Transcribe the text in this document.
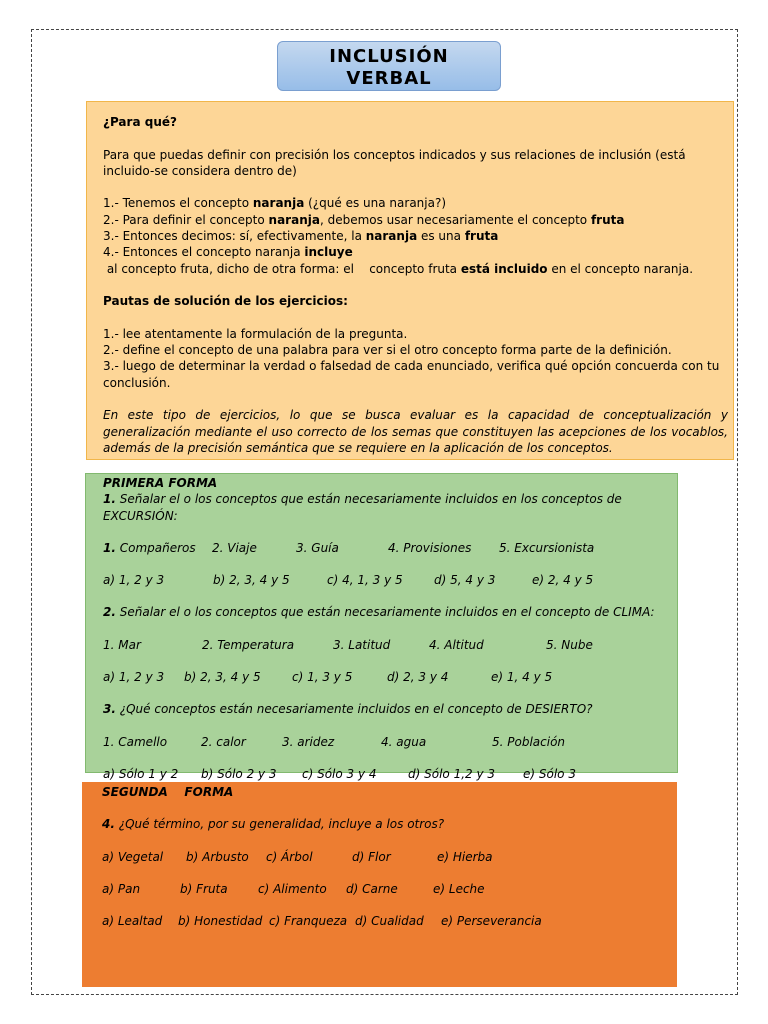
INCLUSIÓN
VERBAL

¿Para qué?

Para que puedas definir con precisión los conceptos indicados y sus relaciones de inclusión (está incluido-se considera dentro de)

1.- Tenemos el concepto naranja (¿qué es una naranja?)

2.- Para definir el concepto naranja, debemos usar necesariamente el concepto fruta

3.- Entonces decimos: sí, efectivamente, la naranja es una fruta

4.- Entonces el concepto naranja incluye al concepto fruta, dicho de otra forma: el    concepto fruta está incluido en el concepto naranja.

Pautas de solución de los ejercicios:

1.- lee atentamente la formulación de la pregunta.

2.- define el concepto de una palabra para ver si el otro concepto forma parte de la definición.

3.- luego de determinar la verdad o falsedad de cada enunciado, verifica qué opción concuerda con tu conclusión.

En este tipo de ejercicios, lo que se busca evaluar es la capacidad de conceptualización y generalización mediante el uso correcto de los semas que constituyen las acepciones de los vocablos, además de la precisión semántica que se requiere en la aplicación de los conceptos.

PRIMERA FORMA

1. Señalar el o los conceptos que están necesariamente incluidos en los conceptos de EXCURSIÓN:

1. Compañeros 2. Viaje	3. Guía	4. Provisiones 5. Excursionista

a) 1, 2 y 3	b) 2, 3, 4 y 5	c) 4, 1, 3 y 5	d) 5, 4 y 3	e) 2, 4 y 5

2. Señalar el o los conceptos que están necesariamente incluidos en el concepto de CLIMA:

1. Mar	2. Temperatura	3. Latitud	4. Altitud	5. Nube

a) 1, 2 y 3 b) 2, 3, 4 y 5	c) 1, 3 y 5	d) 2, 3 y 4	e) 1, 4 y 5

3. ¿Qué conceptos están necesariamente incluidos en el concepto de DESIERTO?

1. Camello	2. calor	3. aridez	4. agua	5. Población

a) Sólo 1 y 2 b) Sólo 2 y 3 c) Sólo 3 y 4	d) Sólo 1,2 y 3 e) Sólo 3

SEGUNDA    FORMA

4. ¿Qué término, por su generalidad, incluye a los otros?

a) Vegetal b) Arbusto c) Árbol	d) Flor	e) Hierba

a) Pan	b) Fruta	c) Alimento d) Carne	e) Leche

a) Lealtad b) Honestidad c) Franqueza d) Cualidad e) Perseverancia
